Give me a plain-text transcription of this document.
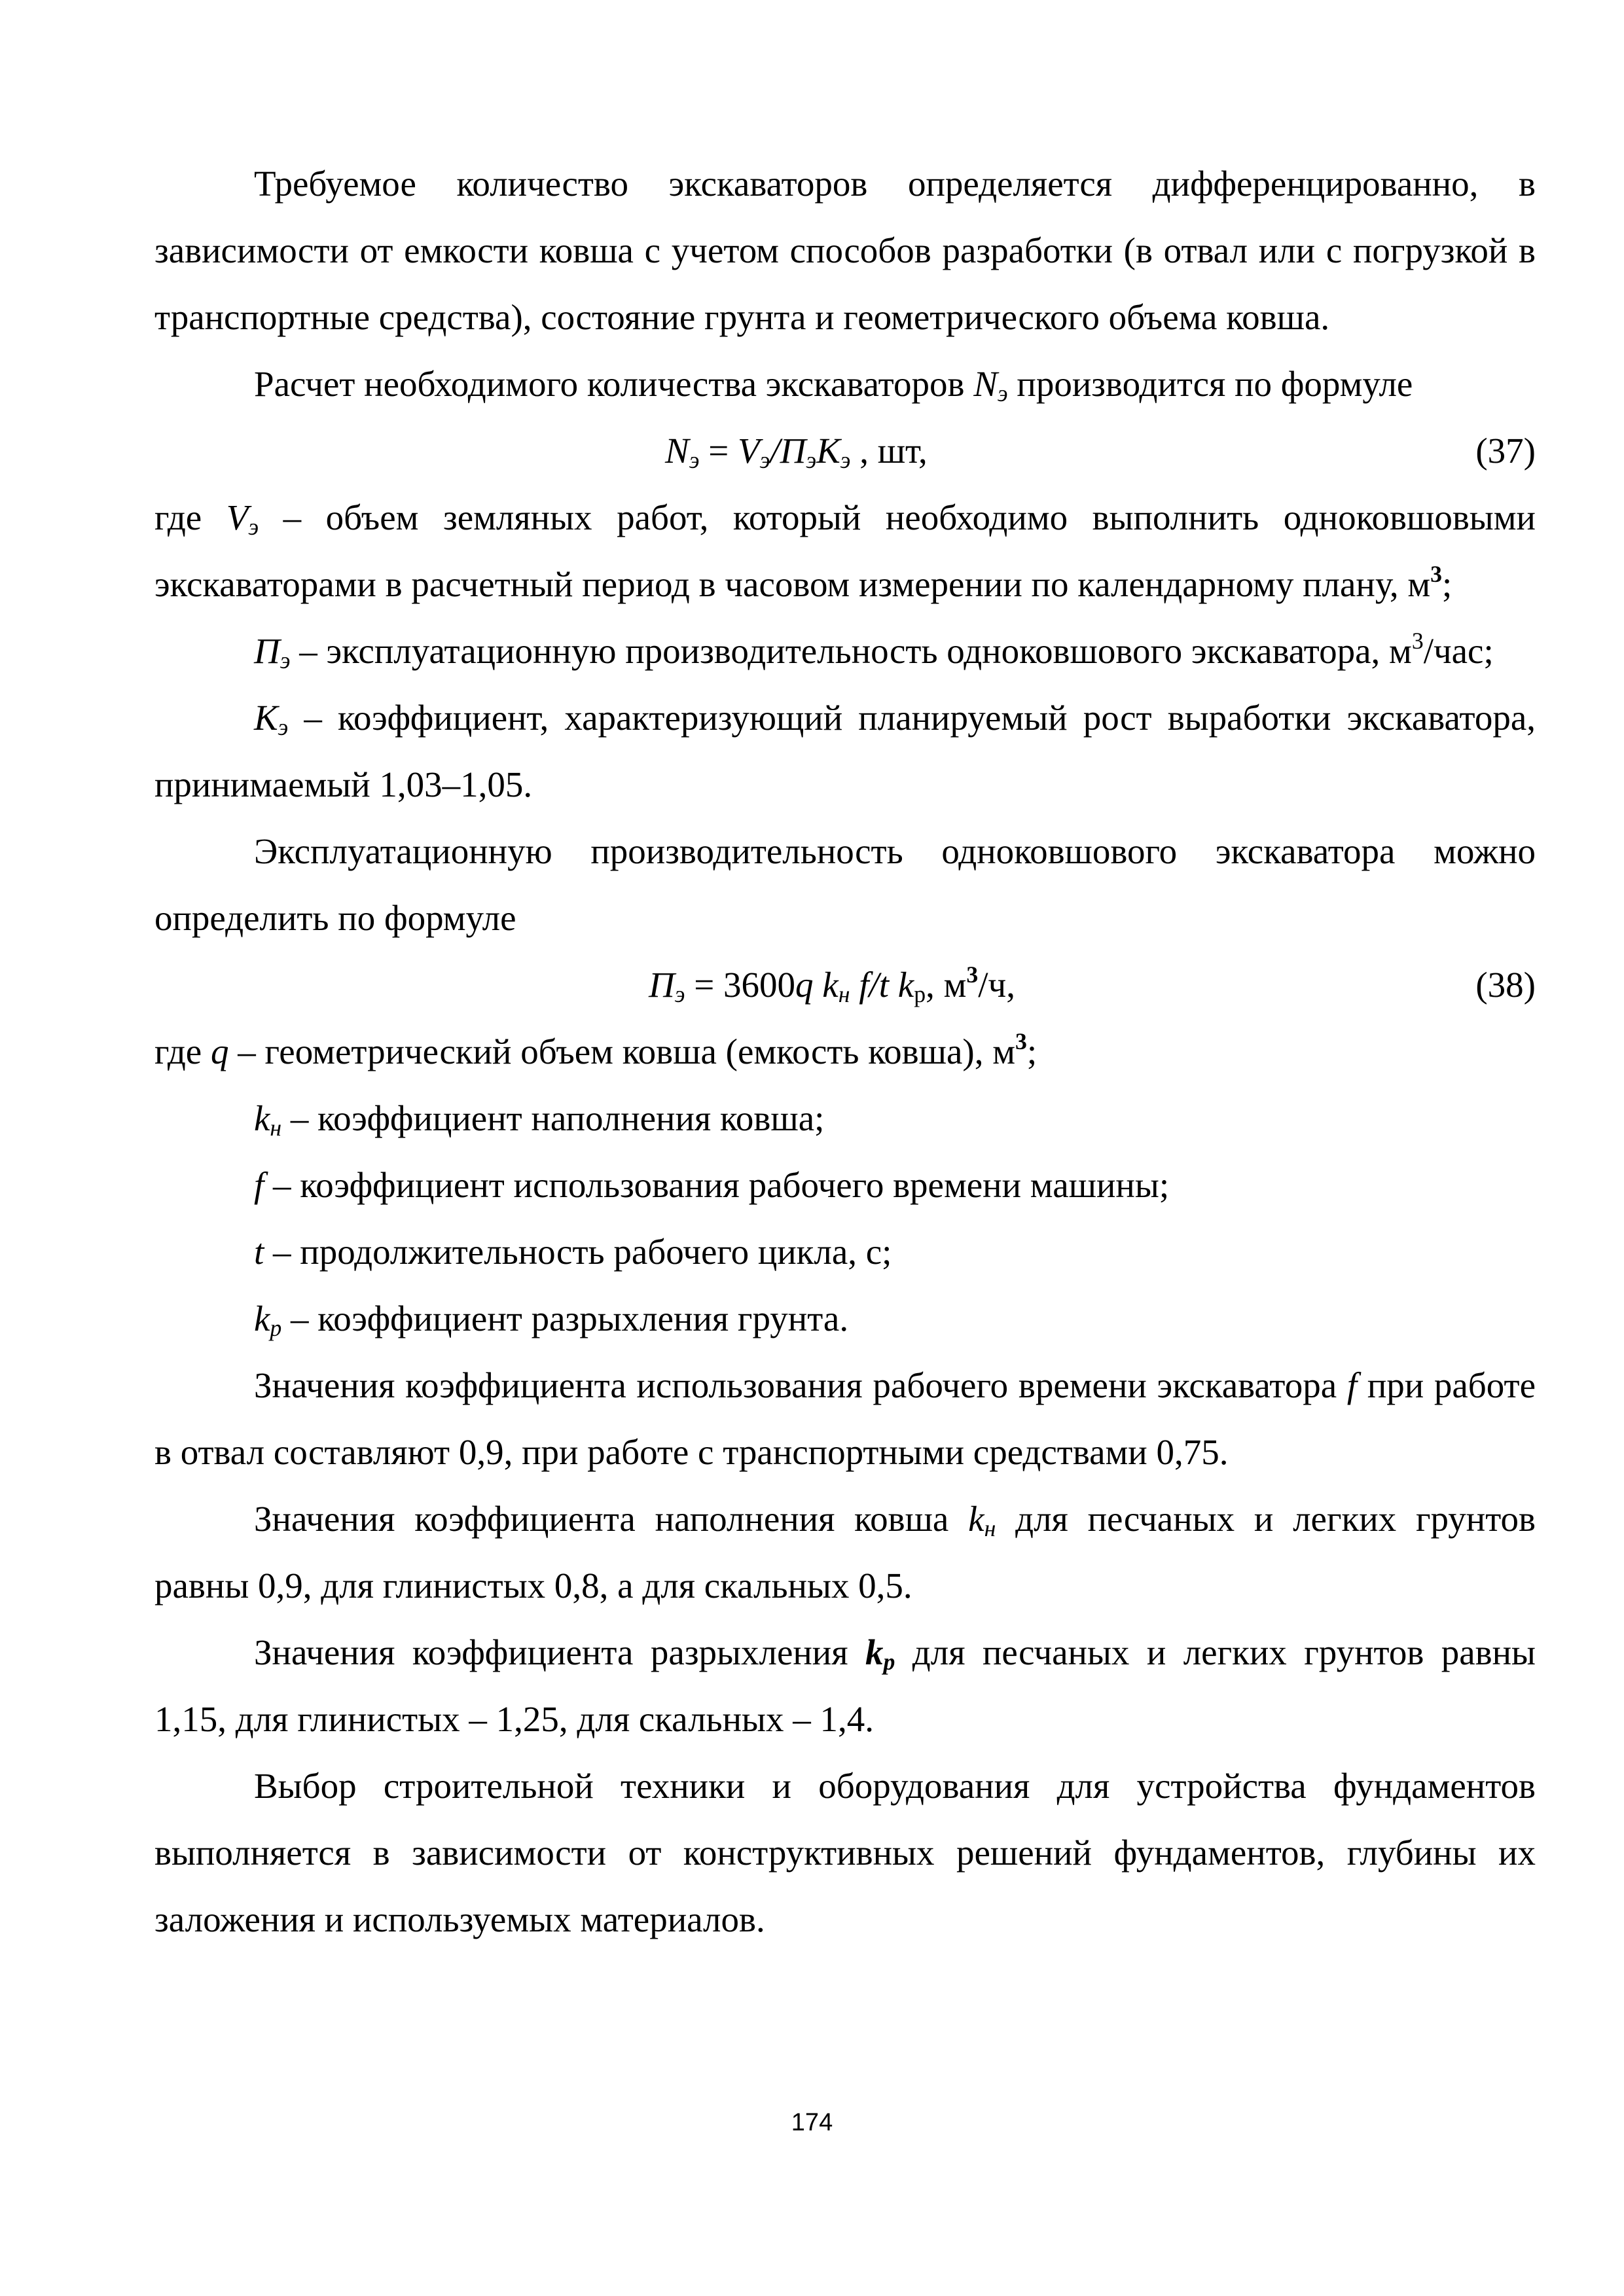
Требуемое количество экскаваторов определяется дифференцированно, в зависимости от емкости ковша с учетом способов разработки (в отвал или с погрузкой в транспортные средства), состояние грунта и геометрического объема ковша.

Расчет необходимого количества экскаваторов $N_э$ производится по формуле

$N_э = V_э/П_эК_э$ , шт,	(37)

где $V_э$ – объем земляных работ, который необходимо выполнить одноковшовыми экскаваторами в расчетный период в часовом измерении по календарному плану, $м^3$;

$П_э$ – эксплуатационную производительность одноковшового экскаватора, $м^3$/час;

$К_э$ – коэффициент, характеризующий планируемый рост выработки экскаватора, принимаемый 1,03–1,05.

Эксплуатационную производительность одноковшового экскаватора можно определить по формуле

$П_э = 3600q$ $k_н$ f/t $k_р$, $м^3/ч$,	(38)

где q – геометрический объем ковша (емкость ковша), $м^3$;

$k_н$ – коэффициент наполнения ковша;

f – коэффициент использования рабочего времени машины;

t – продолжительность рабочего цикла, с;

$k_р$ – коэффициент разрыхления грунта.

Значения коэффициента использования рабочего времени экскаватора f при работе в отвал составляют 0,9, при работе с транспортными средствами 0,75.

Значения коэффициента наполнения ковша $k_н$ для песчаных и легких грунтов равны 0,9, для глинистых 0,8, а для скальных 0,5.

Значения коэффициента разрыхления $k_р$ для песчаных и легких грунтов равны 1,15, для глинистых – 1,25, для скальных – 1,4.

Выбор строительной техники и оборудования для устройства фундаментов выполняется в зависимости от конструктивных решений фундаментов, глубины их заложения и используемых материалов.

174
